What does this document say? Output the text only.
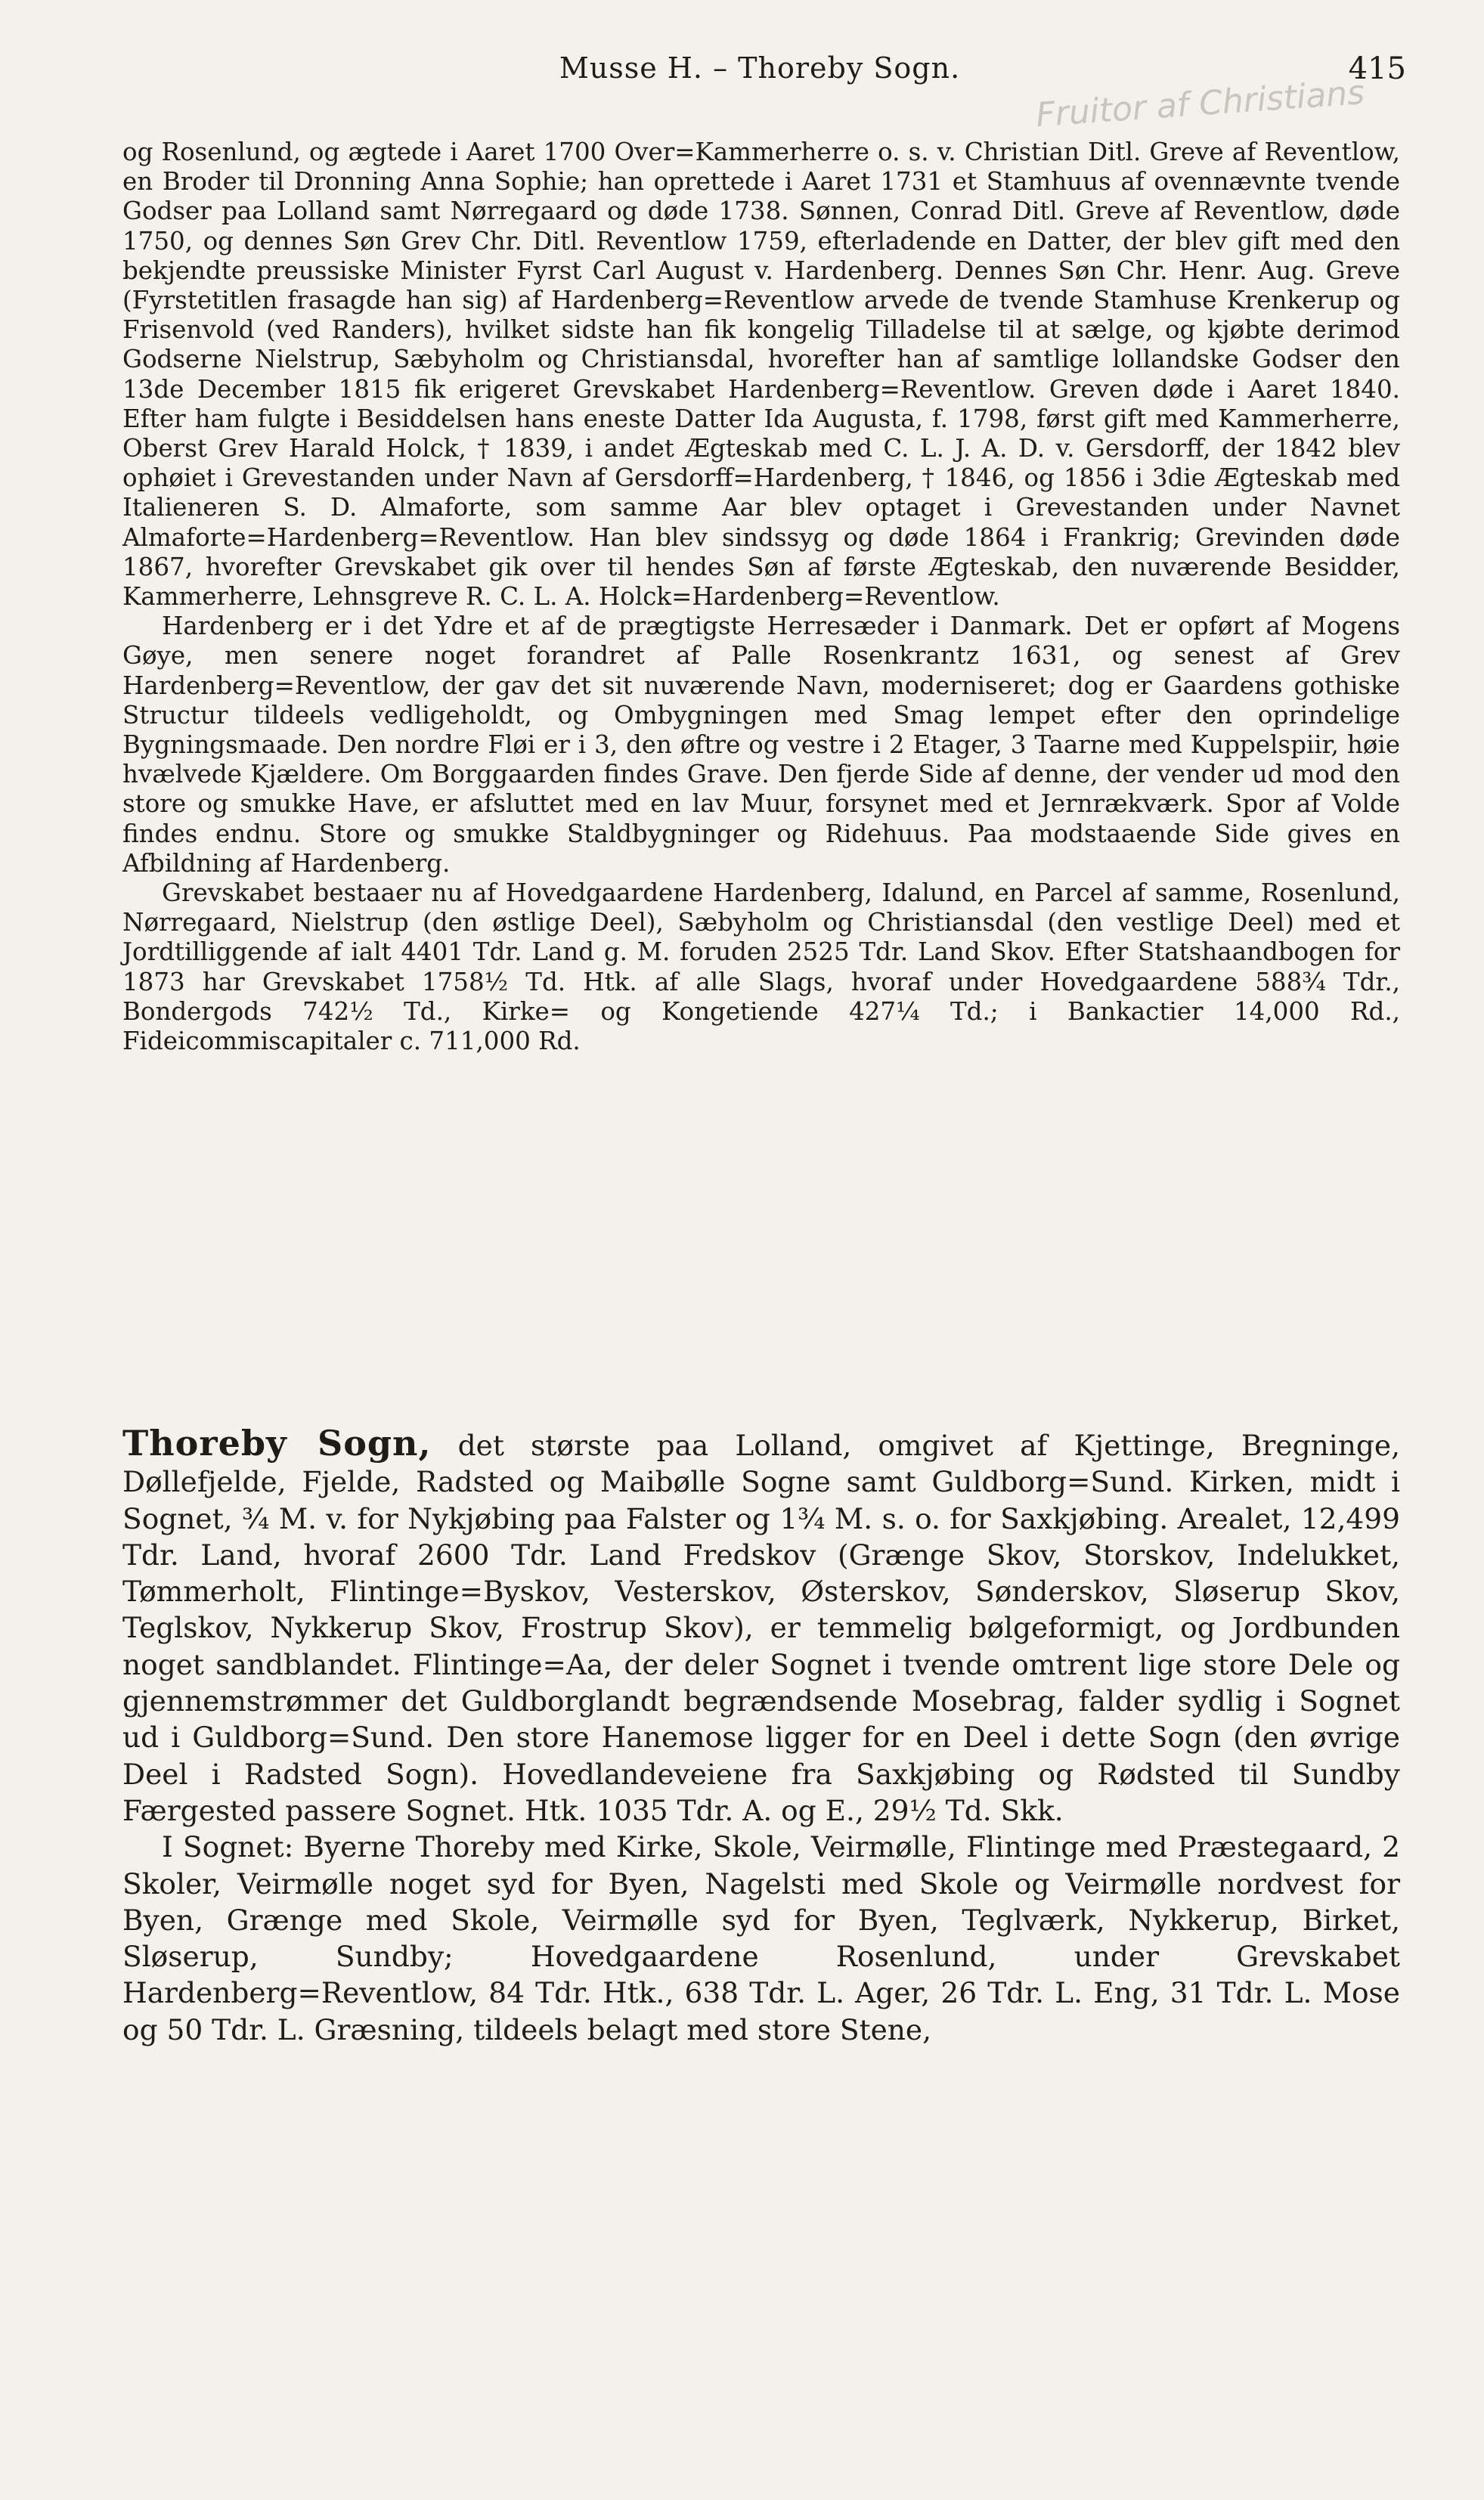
Musse H. – Thoreby Sogn.	415
Fruitor af Christians

og Rosenlund, og ægtede i Aaret 1700 Over=Kammerherre o. s. v. Christian Ditl. Greve af Reventlow, en Broder til Dronning Anna Sophie; han oprettede i Aaret 1731 et Stamhuus af ovennævnte tvende Godser paa Lolland samt Nørregaard og døde 1738. Sønnen, Conrad Ditl. Greve af Reventlow, døde 1750, og dennes Søn Grev Chr. Ditl. Reventlow 1759, efterladende en Datter, der blev gift med den bekjendte preussiske Minister Fyrst Carl August v. Hardenberg. Dennes Søn Chr. Henr. Aug. Greve (Fyrstetitlen frasagde han sig) af Hardenberg=Reventlow arvede de tvende Stamhuse Krenkerup og Frisenvold (ved Randers), hvilket sidste han fik kongelig Tilladelse til at sælge, og kjøbte derimod Godserne Nielstrup, Sæbyholm og Christiansdal, hvorefter han af samtlige lollandske Godser den 13de December 1815 fik erigeret Grevskabet Hardenberg=Reventlow. Greven døde i Aaret 1840. Efter ham fulgte i Besiddelsen hans eneste Datter Ida Augusta, f. 1798, først gift med Kammerherre, Oberst Grev Harald Holck, † 1839, i andet Ægteskab med C. L. J. A. D. v. Gersdorff, der 1842 blev ophøiet i Grevestanden under Navn af Gersdorff=Hardenberg, † 1846, og 1856 i 3die Ægteskab med Italieneren S. D. Almaforte, som samme Aar blev optaget i Grevestanden under Navnet Almaforte=Hardenberg=Reventlow. Han blev sindssyg og døde 1864 i Frankrig; Grevinden døde 1867, hvorefter Grevskabet gik over til hendes Søn af første Ægteskab, den nuværende Besidder, Kammerherre, Lehnsgreve R. C. L. A. Holck=Hardenberg=Reventlow.

Hardenberg er i det Ydre et af de prægtigste Herresæder i Danmark. Det er opført af Mogens Gøye, men senere noget forandret af Palle Rosenkrantz 1631, og senest af Grev Hardenberg=Reventlow, der gav det sit nuværende Navn, moderniseret; dog er Gaardens gothiske Structur tildeels vedligeholdt, og Ombygningen med Smag lempet efter den oprindelige Bygningsmaade. Den nordre Fløi er i 3, den øftre og vestre i 2 Etager, 3 Taarne med Kuppelspiir, høie hvælvede Kjældere. Om Borggaarden findes Grave. Den fjerde Side af denne, der vender ud mod den store og smukke Have, er afsluttet med en lav Muur, forsynet med et Jernrækværk. Spor af Volde findes endnu. Store og smukke Staldbygninger og Ridehuus. Paa modstaaende Side gives en Afbildning af Hardenberg.

Grevskabet bestaaer nu af Hovedgaardene Hardenberg, Idalund, en Parcel af samme, Rosenlund, Nørregaard, Nielstrup (den østlige Deel), Sæbyholm og Christiansdal (den vestlige Deel) med et Jordtilliggende af ialt 4401 Tdr. Land g. M. foruden 2525 Tdr. Land Skov. Efter Statshaandbogen for 1873 har Grevskabet 1758½ Td. Htk. af alle Slags, hvoraf under Hovedgaardene 588¾ Tdr., Bondergods 742½ Td., Kirke= og Kongetiende 427¼ Td.; i Bankactier 14,000 Rd., Fideicommiscapitaler c. 711,000 Rd.

Thoreby Sogn, det største paa Lolland, omgivet af Kjettinge, Bregninge, Døllefjelde, Fjelde, Radsted og Maibølle Sogne samt Guldborg=Sund. Kirken, midt i Sognet, ¾ M. v. for Nykjøbing paa Falster og 1¾ M. s. o. for Saxkjøbing. Arealet, 12,499 Tdr. Land, hvoraf 2600 Tdr. Land Fredskov (Grænge Skov, Storskov, Indelukket, Tømmerholt, Flintinge=Byskov, Vesterskov, Østerskov, Sønderskov, Sløserup Skov, Teglskov, Nykkerup Skov, Frostrup Skov), er temmelig bølgeformigt, og Jordbunden noget sandblandet. Flintinge=Aa, der deler Sognet i tvende omtrent lige store Dele og gjennemstrømmer det Guldborglandt begrændsende Mosebrag, falder sydlig i Sognet ud i Guldborg=Sund. Den store Hanemose ligger for en Deel i dette Sogn (den øvrige Deel i Radsted Sogn). Hovedlandeveiene fra Saxkjøbing og Rødsted til Sundby Færgested passere Sognet. Htk. 1035 Tdr. A. og E., 29½ Td. Skk.

I Sognet: Byerne Thoreby med Kirke, Skole, Veirmølle, Flintinge med Præstegaard, 2 Skoler, Veirmølle noget syd for Byen, Nagelsti med Skole og Veirmølle nordvest for Byen, Grænge med Skole, Veirmølle syd for Byen, Teglværk, Nykkerup, Birket, Sløserup, Sundby; Hovedgaardene Rosenlund, under Grevskabet Hardenberg=Reventlow, 84 Tdr. Htk., 638 Tdr. L. Ager, 26 Tdr. L. Eng, 31 Tdr. L. Mose og 50 Tdr. L. Græsning, tildeels belagt med store Stene,
